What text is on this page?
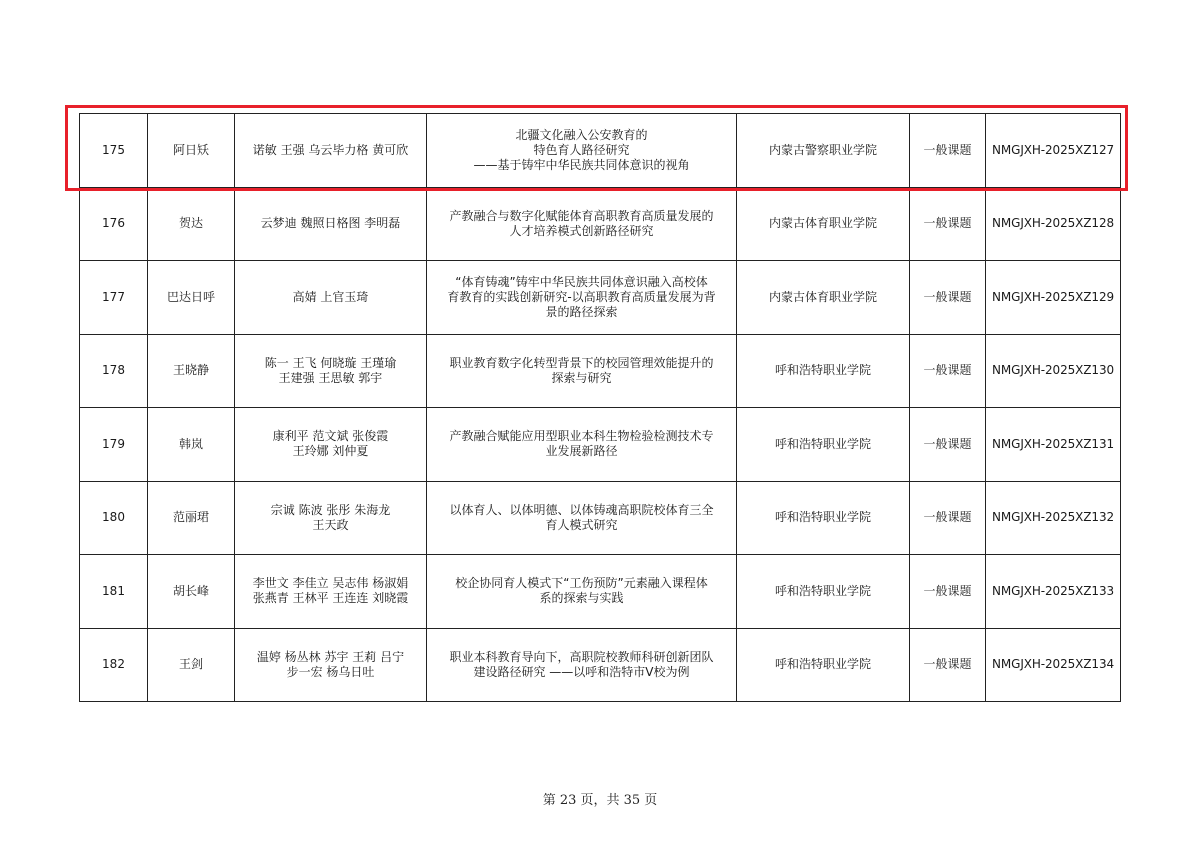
175	阿日矨	诺敏 王强 乌云毕力格 黄可欣	北疆文化融入公安教育的
特色育人路径研究
——基于铸牢中华民族共同体意识的视角	内蒙古警察职业学院	一般课题	NMGJXH-2025XZ127
176	贺达	云梦迪 魏照日格图 李明磊	产教融合与数字化赋能体育高职教育高质量发展的
人才培养模式创新路径研究	内蒙古体育职业学院	一般课题	NMGJXH-2025XZ128
177	巴达日呼	高婧 上官玉琦	“体育铸魂”铸牢中华民族共同体意识融入高校体
育教育的实践创新研究-以高职教育高质量发展为背
景的路径探索	内蒙古体育职业学院	一般课题	NMGJXH-2025XZ129
178	王晓静	陈一 王飞 何晓璇 王瑾瑜
王建强 王思敏 郭宇	职业教育数字化转型背景下的校园管理效能提升的
探索与研究	呼和浩特职业学院	一般课题	NMGJXH-2025XZ130
179	韩岚	康利平 范文斌 张俊霞
王玲娜 刘仲夏	产教融合赋能应用型职业本科生物检验检测技术专
业发展新路径	呼和浩特职业学院	一般课题	NMGJXH-2025XZ131
180	范丽珺	宗诚 陈波 张彤 朱海龙
王天政	以体育人、以体明德、以体铸魂高职院校体育三全
育人模式研究	呼和浩特职业学院	一般课题	NMGJXH-2025XZ132
181	胡长峰	李世文 李佳立 吴志伟 杨淑娟
张燕青 王林平 王连连 刘晓霞	校企协同育人模式下“工伤预防”元素融入课程体
系的探索与实践	呼和浩特职业学院	一般课题	NMGJXH-2025XZ133
182	王剑	温婷 杨丛林 苏宇 王莉 吕宁
步一宏 杨乌日吐	职业本科教育导向下，高职院校教师科研创新团队
建设路径研究 ——以呼和浩特市V校为例	呼和浩特职业学院	一般课题	NMGJXH-2025XZ134
第 23 页，共 35 页
